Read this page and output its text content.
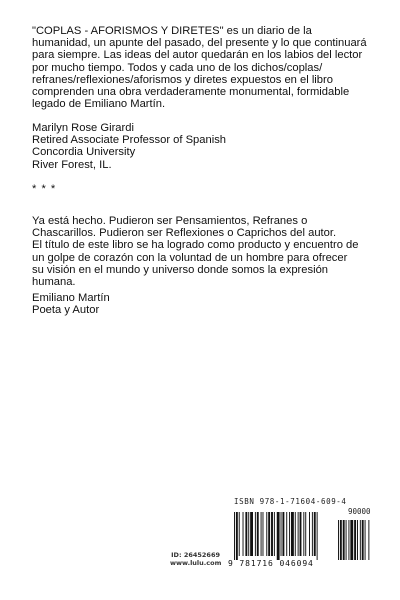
"COPLAS - AFORISMOS Y DIRETES" es un diario de la
humanidad, un apunte del pasado, del presente y lo que continuará
para siempre. Las ideas del autor quedarán en los labios del lector
por mucho tiempo. Todos y cada uno de los dichos/coplas/
refranes/reflexiones/aforismos y diretes expuestos en el libro
comprenden una obra verdaderamente monumental, formidable
legado de Emiliano Martín.
Marilyn Rose Girardi
Retired Associate Professor of Spanish
Concordia University
River Forest, IL.
* * *
Ya está hecho. Pudieron ser Pensamientos, Refranes o
Chascarillos. Pudieron ser Reflexiones o Caprichos del autor.
El título de este libro se ha logrado como producto y encuentro de
un golpe de corazón con la voluntad de un hombre para ofrecer
su visión en el mundo y universo donde somos la expresión
humana.
Emiliano Martín
Poeta y Autor
ID: 26452669
www.lulu.com
ISBN 978-1-71604-609-4
90000
9 781716 046094
